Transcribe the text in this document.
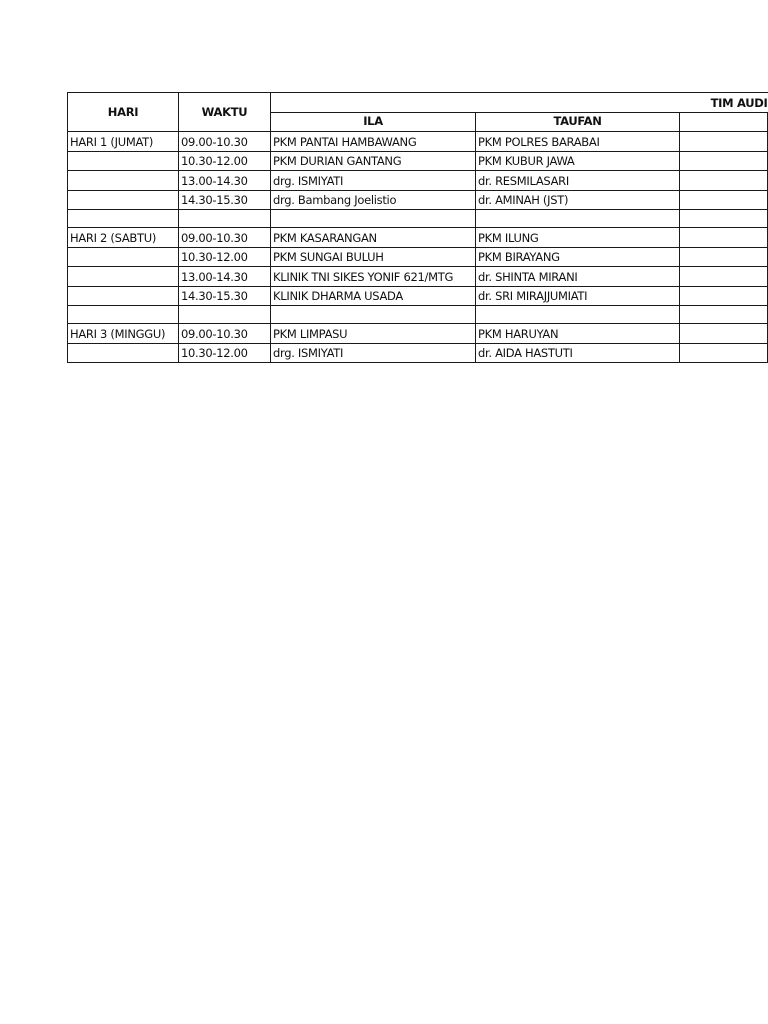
HARI	WAKTU	TIM AUDI		
		ILA	TAUFAN	
HARI 1 (JUMAT)	09.00-10.30	PKM PANTAI HAMBAWANG	PKM POLRES BARABAI	
	10.30-12.00	PKM DURIAN GANTANG	PKM KUBUR JAWA	
	13.00-14.30	drg. ISMIYATI	dr. RESMILASARI	
	14.30-15.30	drg. Bambang Joelistio	dr. AMINAH (JST)	

HARI 2 (SABTU)	09.00-10.30	PKM KASARANGAN	PKM ILUNG	
	10.30-12.00	PKM SUNGAI BULUH	PKM BIRAYANG	
	13.00-14.30	KLINIK TNI SIKES YONIF 621/MTG	dr. SHINTA MIRANI	
	14.30-15.30	KLINIK DHARMA USADA	dr. SRI MIRAJJUMIATI	

HARI 3 (MINGGU)	09.00-10.30	PKM LIMPASU	PKM HARUYAN	
	10.30-12.00	drg. ISMIYATI	dr. AIDA HASTUTI	
